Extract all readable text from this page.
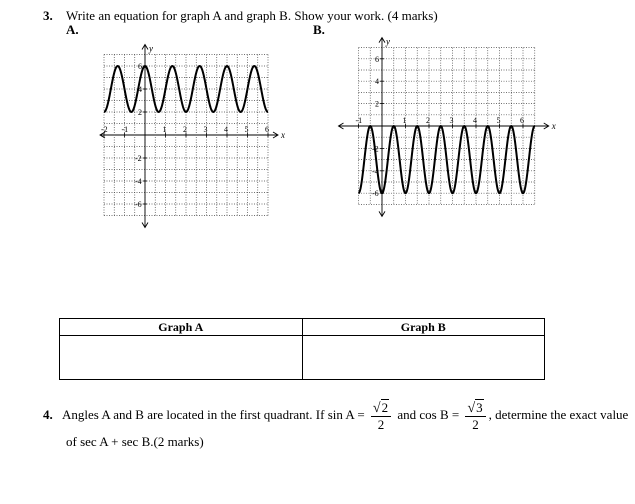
3. Write an equation for graph A and graph B. Show your work. (4 marks)
A.	B.
y
x
-2 -1	1 2 3 4 5 6
6
4
2
-2
-4
-6
y
x
-1	1 2 3 4 5 6
6
4
2
-2
-4
-6
Graph A	Graph B

4. Angles A and B are located in the first quadrant. If $\sin A = \frac{√2}{2}$ and $\cos B = \frac{√3}{2}$ , determine the exact value
of sec A + sec B.(2 marks)
